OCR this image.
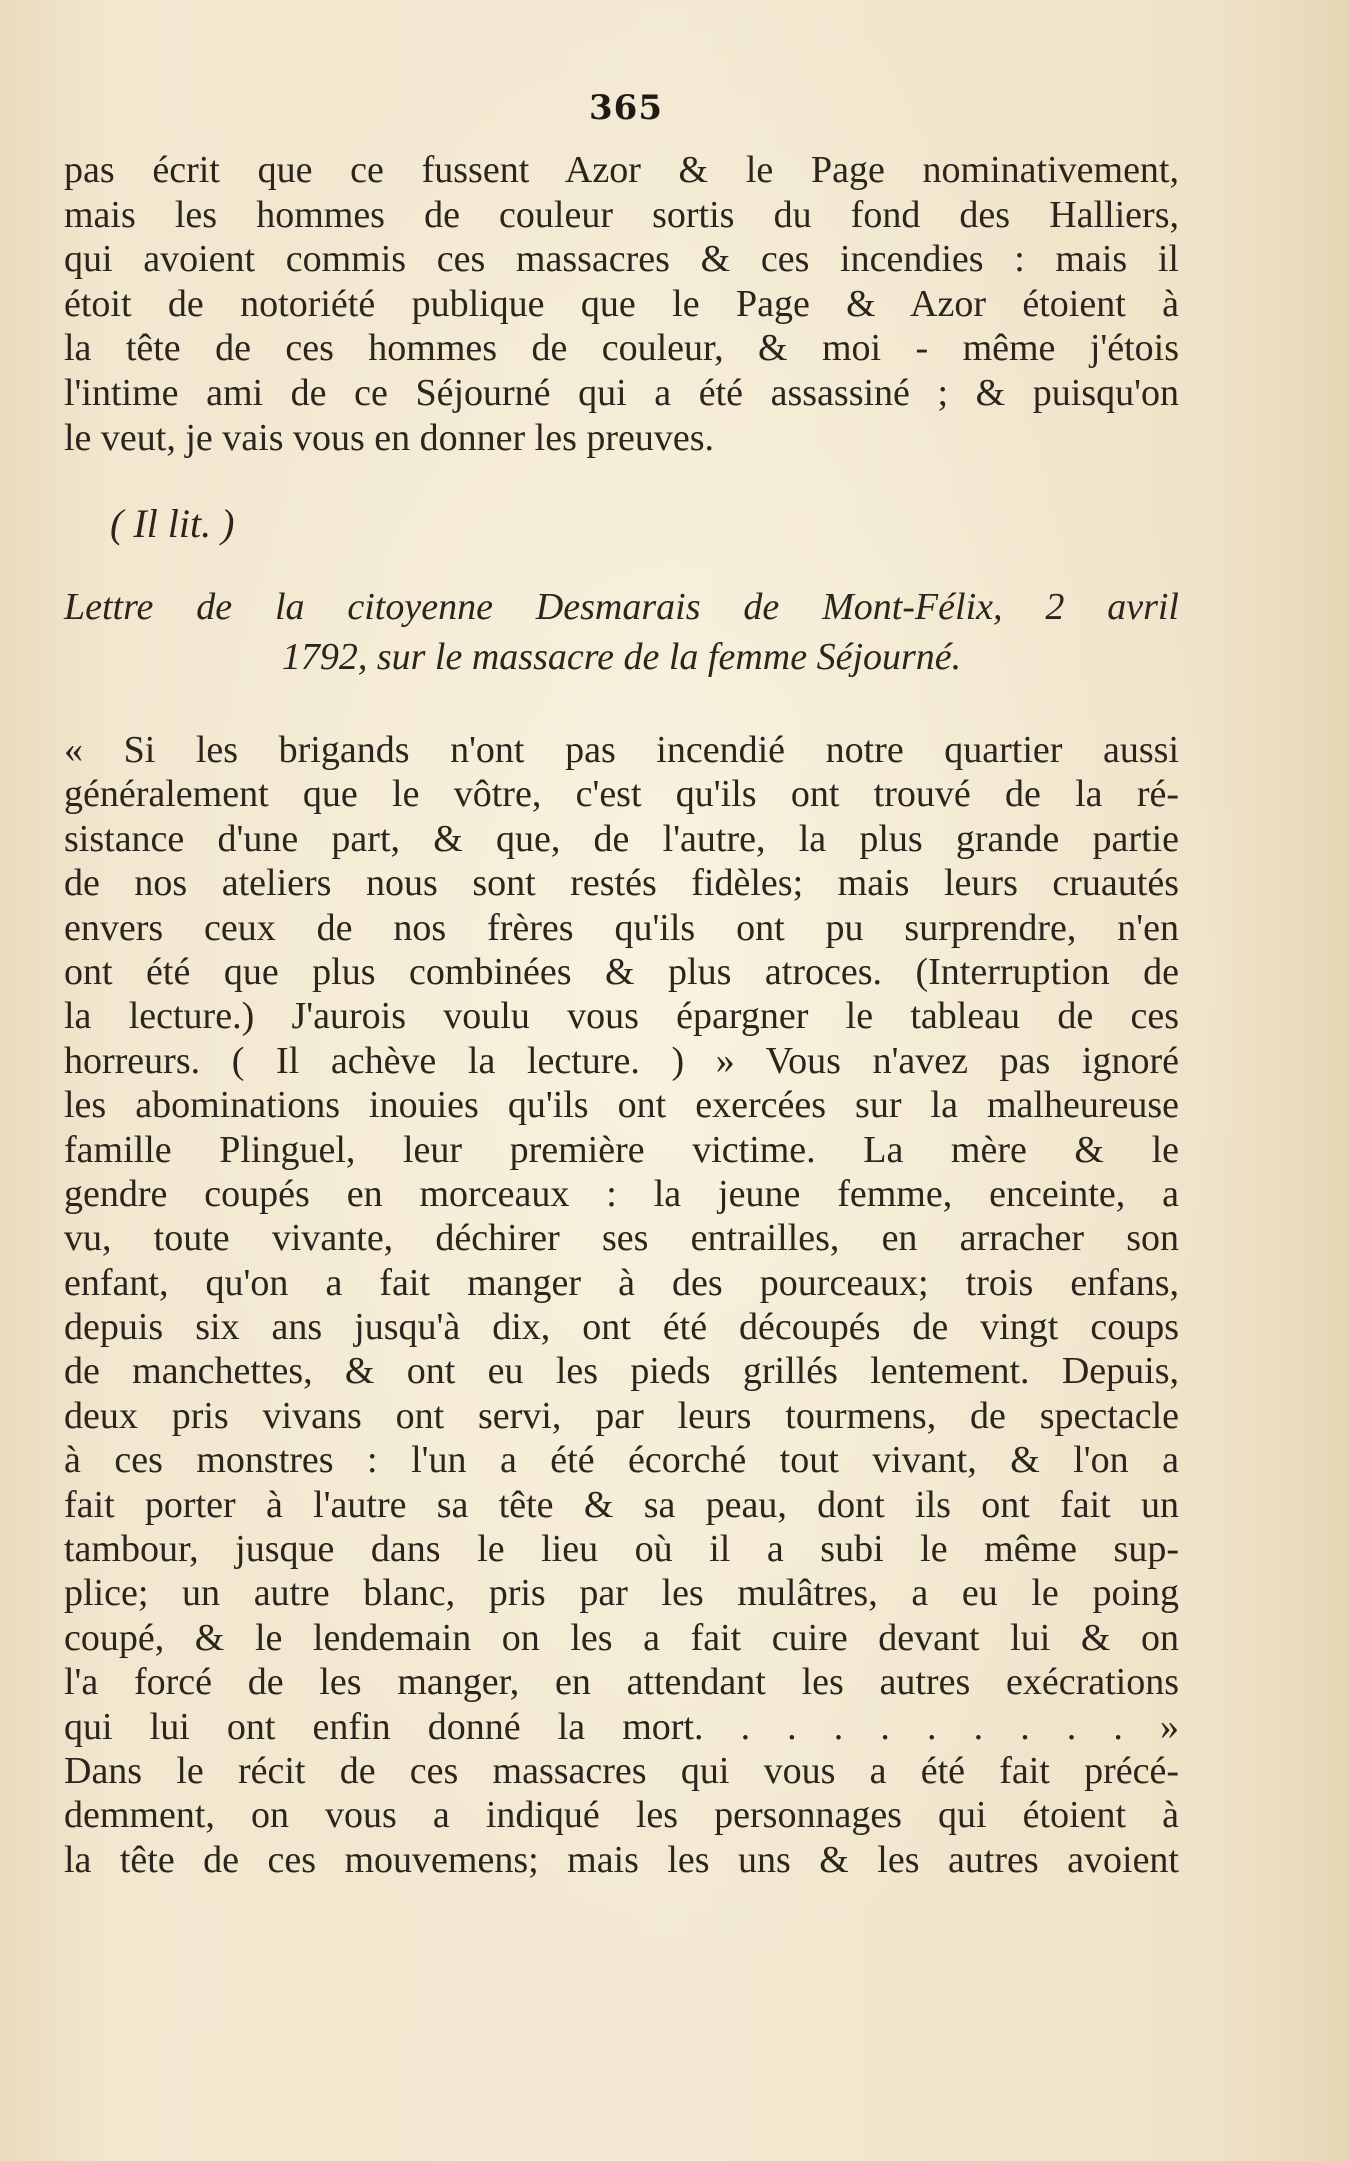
365
pas écrit que ce fussent Azor & le Page nominativement,
mais les hommes de couleur sortis du fond des Halliers,
qui avoient commis ces massacres & ces incendies : mais il
étoit de notoriété publique que le Page & Azor étoient à
la tête de ces hommes de couleur, & moi - même j'étois
l'intime ami de ce Séjourné qui a été assassiné ; & puisqu'on
le veut, je vais vous en donner les preuves.
( Il lit. )
Lettre de la citoyenne Desmarais de Mont-Félix, 2 avril
1792, sur le massacre de la femme Séjourné.
« Si les brigands n'ont pas incendié notre quartier aussi
généralement que le vôtre, c'est qu'ils ont trouvé de la ré-
sistance d'une part, & que, de l'autre, la plus grande partie
de nos ateliers nous sont restés fidèles; mais leurs cruautés
envers ceux de nos frères qu'ils ont pu surprendre, n'en
ont été que plus combinées & plus atroces. (Interruption de
la lecture.) J'aurois voulu vous épargner le tableau de ces
horreurs. ( Il achève la lecture. ) » Vous n'avez pas ignoré
les abominations inouies qu'ils ont exercées sur la malheureuse
famille Plinguel, leur première victime. La mère & le
gendre coupés en morceaux : la jeune femme, enceinte, a
vu, toute vivante, déchirer ses entrailles, en arracher son
enfant, qu'on a fait manger à des pourceaux; trois enfans,
depuis six ans jusqu'à dix, ont été découpés de vingt coups
de manchettes, & ont eu les pieds grillés lentement. Depuis,
deux pris vivans ont servi, par leurs tourmens, de spectacle
à ces monstres : l'un a été écorché tout vivant, & l'on a
fait porter à l'autre sa tête & sa peau, dont ils ont fait un
tambour, jusque dans le lieu où il a subi le même sup-
plice; un autre blanc, pris par les mulâtres, a eu le poing
coupé, & le lendemain on les a fait cuire devant lui & on
l'a forcé de les manger, en attendant les autres exécrations
qui lui ont enfin donné la mort. . . . . . . . . . »
Dans le récit de ces massacres qui vous a été fait précé-
demment, on vous a indiqué les personnages qui étoient à
la tête de ces mouvemens; mais les uns & les autres avoient
